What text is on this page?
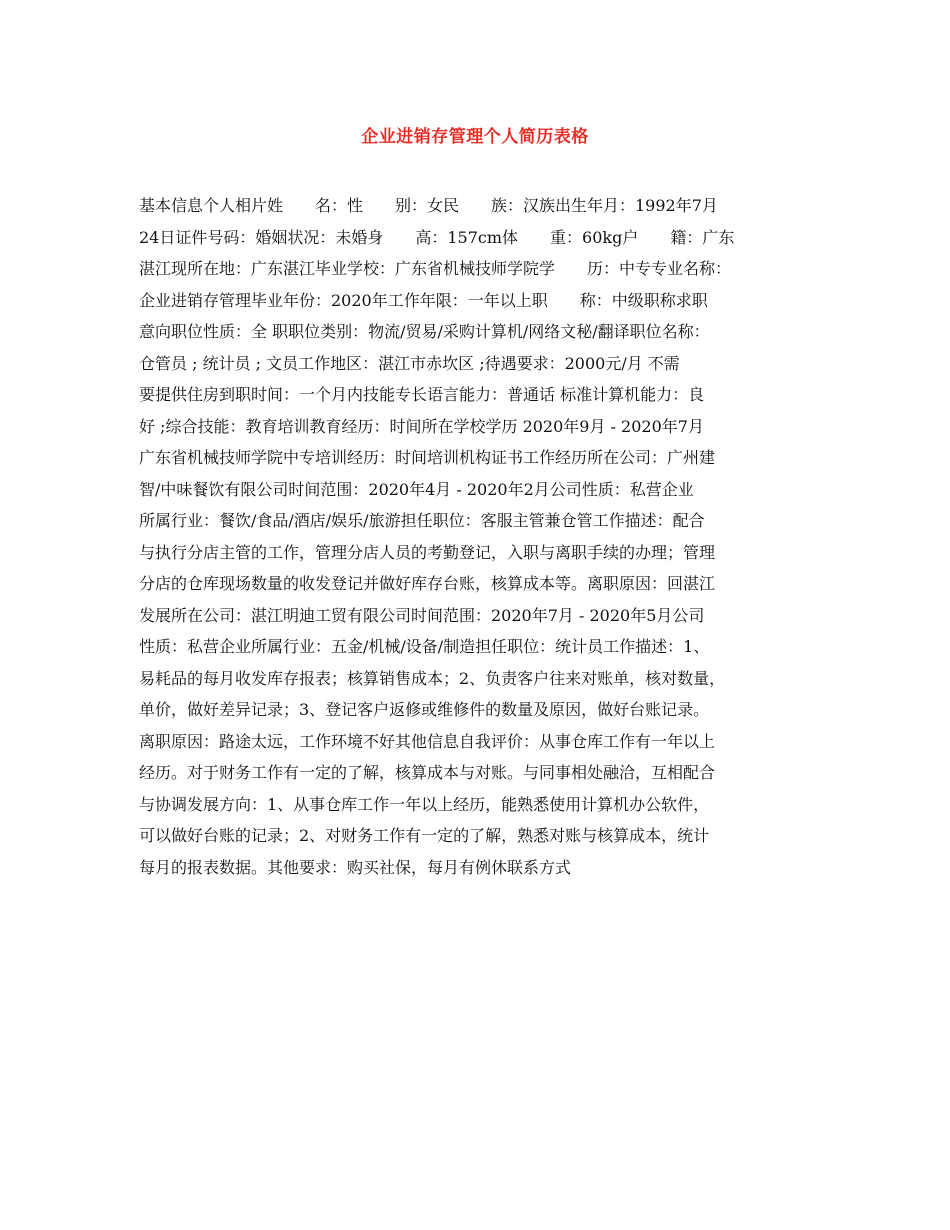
企业进销存管理个人简历表格
基本信息个人相片姓　　名：性　　别：女民　　族：汉族出生年月：1992年7月
24日证件号码：婚姻状况：未婚身　　高：157cm体　　重：60kg户　　籍：广东
湛江现所在地：广东湛江毕业学校：广东省机械技师学院学　　历：中专专业名称：
企业进销存管理毕业年份：2020年工作年限：一年以上职　　称：中级职称求职
意向职位性质：全 职职位类别：物流/贸易/采购计算机/网络文秘/翻译职位名称：
仓管员 ; 统计员 ; 文员工作地区：湛江市赤坎区 ;待遇要求：2000元/月 不需
要提供住房到职时间：一个月内技能专长语言能力：普通话 标准计算机能力：良
好 ;综合技能：教育培训教育经历：时间所在学校学历 2020年9月 - 2020年7月
广东省机械技师学院中专培训经历：时间培训机构证书工作经历所在公司：广州建
智/中味餐饮有限公司时间范围：2020年4月 - 2020年2月公司性质：私营企业
所属行业：餐饮/食品/酒店/娱乐/旅游担任职位：客服主管兼仓管工作描述：配合
与执行分店主管的工作，管理分店人员的考勤登记，入职与离职手续的办理；管理
分店的仓库现场数量的收发登记并做好库存台账，核算成本等。离职原因：回湛江
发展所在公司：湛江明迪工贸有限公司时间范围：2020年7月 - 2020年5月公司
性质：私营企业所属行业：五金/机械/设备/制造担任职位：统计员工作描述：1、
易耗品的每月收发库存报表；核算销售成本；2、负责客户往来对账单，核对数量，
单价，做好差异记录；3、登记客户返修或维修件的数量及原因，做好台账记录。
离职原因：路途太远，工作环境不好其他信息自我评价：从事仓库工作有一年以上
经历。对于财务工作有一定的了解，核算成本与对账。与同事相处融洽，互相配合
与协调发展方向：1、从事仓库工作一年以上经历，能熟悉使用计算机办公软件，
可以做好台账的记录；2、对财务工作有一定的了解，熟悉对账与核算成本，统计
每月的报表数据。其他要求：购买社保，每月有例休联系方式
